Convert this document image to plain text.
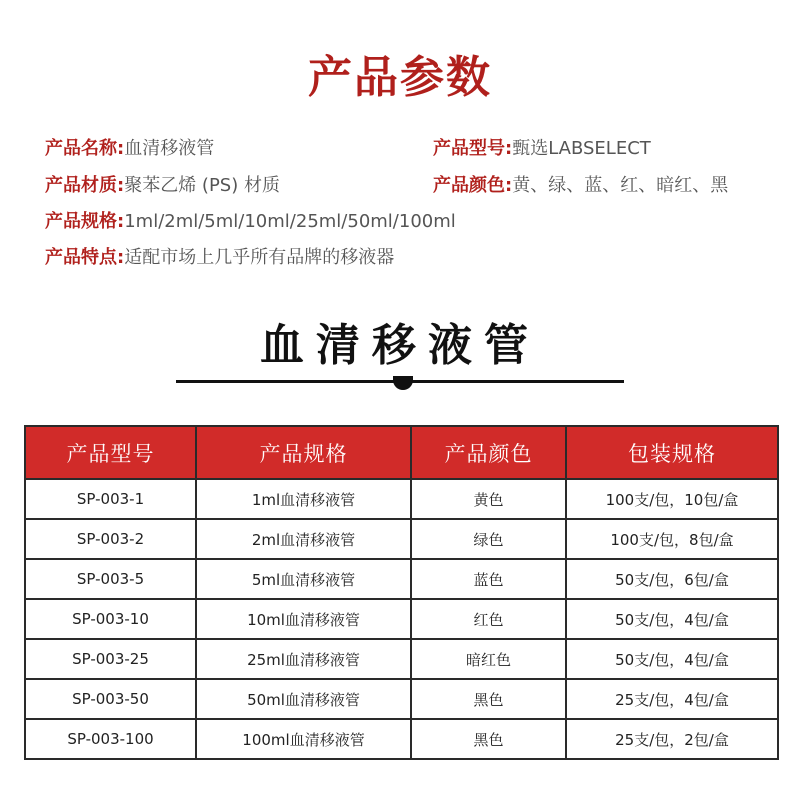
产品参数
产品名称:血清移液管	产品型号:甄选LABSELECT
产品材质:聚苯乙烯 (PS) 材质	产品颜色:黄、绿、蓝、红、暗红、黑
产品规格:1ml/2ml/5ml/10ml/25ml/50ml/100ml
产品特点:适配市场上几乎所有品牌的移液器
血清移液管
产品型号	产品规格	产品颜色	包装规格
SP-003-1	1ml血清移液管	黄色	100支/包，10包/盒
SP-003-2	2ml血清移液管	绿色	100支/包，8包/盒
SP-003-5	5ml血清移液管	蓝色	50支/包，6包/盒
SP-003-10	10ml血清移液管	红色	50支/包，4包/盒
SP-003-25	25ml血清移液管	暗红色	50支/包，4包/盒
SP-003-50	50ml血清移液管	黑色	25支/包，4包/盒
SP-003-100	100ml血清移液管	黑色	25支/包，2包/盒
